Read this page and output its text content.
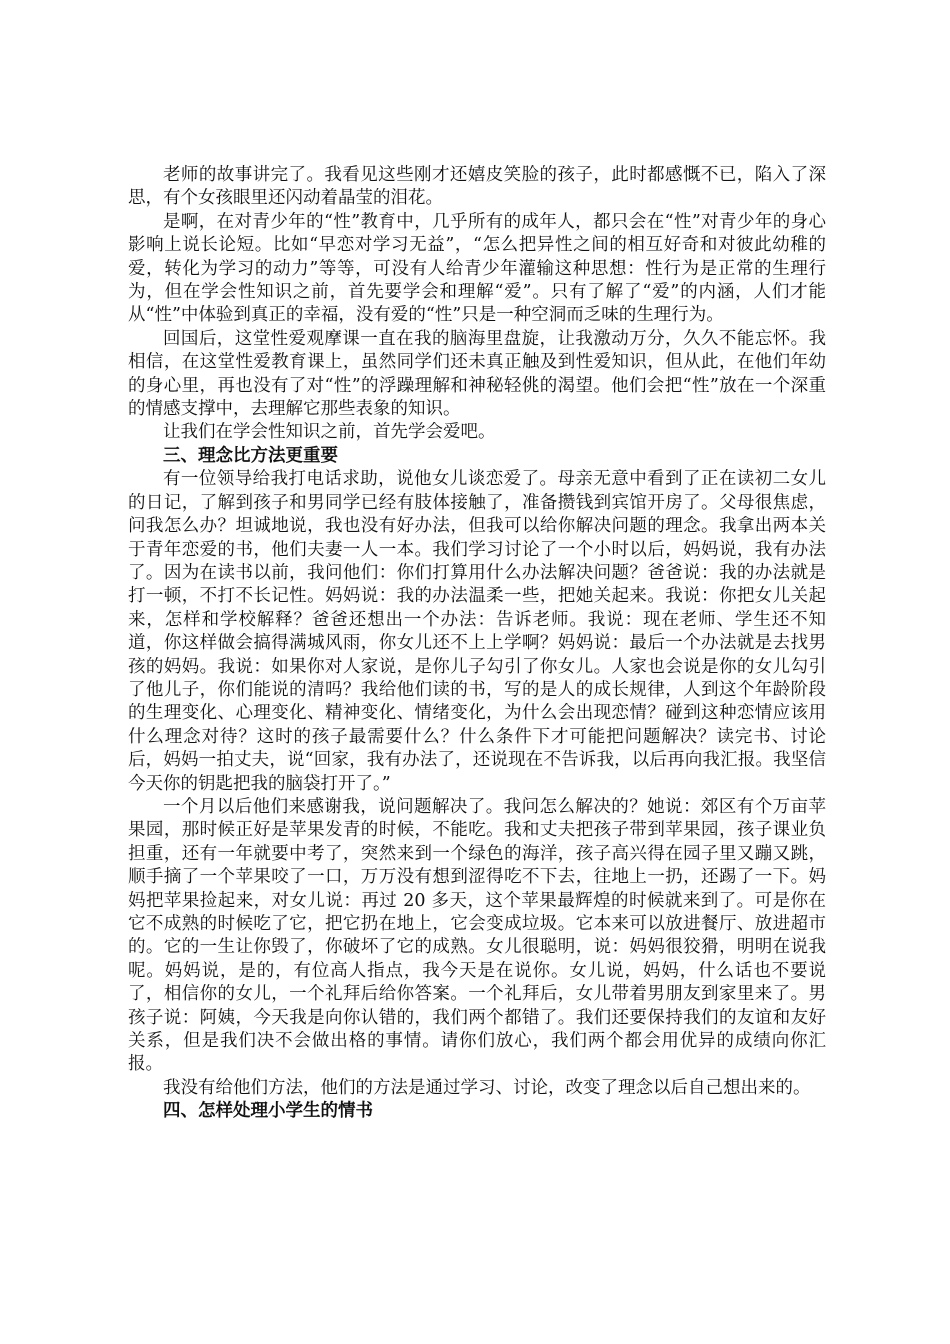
老师的故事讲完了。我看见这些刚才还嬉皮笑脸的孩子，此时都感慨不已，陷入了深思，有个女孩眼里还闪动着晶莹的泪花。

是啊，在对青少年的“性”教育中，几乎所有的成年人，都只会在“性”对青少年的身心影响上说长论短。比如“早恋对学习无益”，“怎么把异性之间的相互好奇和对彼此幼稚的爱，转化为学习的动力”等等，可没有人给青少年灌输这种思想：性行为是正常的生理行为，但在学会性知识之前，首先要学会和理解“爱”。只有了解了“爱”的内涵，人们才能从“性”中体验到真正的幸福，没有爱的“性”只是一种空洞而乏味的生理行为。

回国后，这堂性爱观摩课一直在我的脑海里盘旋，让我激动万分，久久不能忘怀。我相信，在这堂性爱教育课上，虽然同学们还未真正触及到性爱知识，但从此，在他们年幼的身心里，再也没有了对“性”的浮躁理解和神秘轻佻的渴望。他们会把“性”放在一个深重的情感支撑中，去理解它那些表象的知识。

让我们在学会性知识之前，首先学会爱吧。

三、理念比方法更重要

有一位领导给我打电话求助，说他女儿谈恋爱了。母亲无意中看到了正在读初二女儿的日记，了解到孩子和男同学已经有肢体接触了，准备攒钱到宾馆开房了。父母很焦虑，问我怎么办？坦诚地说，我也没有好办法，但我可以给你解决问题的理念。我拿出两本关于青年恋爱的书，他们夫妻一人一本。我们学习讨论了一个小时以后，妈妈说，我有办法了。因为在读书以前，我问他们：你们打算用什么办法解决问题？爸爸说：我的办法就是打一顿，不打不长记性。妈妈说：我的办法温柔一些，把她关起来。我说：你把女儿关起来，怎样和学校解释？爸爸还想出一个办法：告诉老师。我说：现在老师、学生还不知道，你这样做会搞得满城风雨，你女儿还不上上学啊？妈妈说：最后一个办法就是去找男孩的妈妈。我说：如果你对人家说，是你儿子勾引了你女儿。人家也会说是你的女儿勾引了他儿子，你们能说的清吗？我给他们读的书，写的是人的成长规律，人到这个年龄阶段的生理变化、心理变化、精神变化、情绪变化，为什么会出现恋情？碰到这种恋情应该用什么理念对待？这时的孩子最需要什么？什么条件下才可能把问题解决？读完书、讨论后，妈妈一拍丈夫，说“回家，我有办法了，还说现在不告诉我，以后再向我汇报。我坚信今天你的钥匙把我的脑袋打开了。”

一个月以后他们来感谢我，说问题解决了。我问怎么解决的？她说：郊区有个万亩苹果园，那时候正好是苹果发青的时候，不能吃。我和丈夫把孩子带到苹果园，孩子课业负担重，还有一年就要中考了，突然来到一个绿色的海洋，孩子高兴得在园子里又蹦又跳，顺手摘了一个苹果咬了一口，万万没有想到涩得吃不下去，往地上一扔，还踢了一下。妈妈把苹果捡起来，对女儿说：再过 20 多天，这个苹果最辉煌的时候就来到了。可是你在它不成熟的时候吃了它，把它扔在地上，它会变成垃圾。它本来可以放进餐厅、放进超市的。它的一生让你毁了，你破坏了它的成熟。女儿很聪明，说：妈妈很狡猾，明明在说我呢。妈妈说，是的，有位高人指点，我今天是在说你。女儿说，妈妈，什么话也不要说了，相信你的女儿，一个礼拜后给你答案。一个礼拜后，女儿带着男朋友到家里来了。男孩子说：阿姨，今天我是向你认错的，我们两个都错了。我们还要保持我们的友谊和友好关系，但是我们决不会做出格的事情。请你们放心，我们两个都会用优异的成绩向你汇报。

我没有给他们方法，他们的方法是通过学习、讨论，改变了理念以后自己想出来的。

四、怎样处理小学生的情书
